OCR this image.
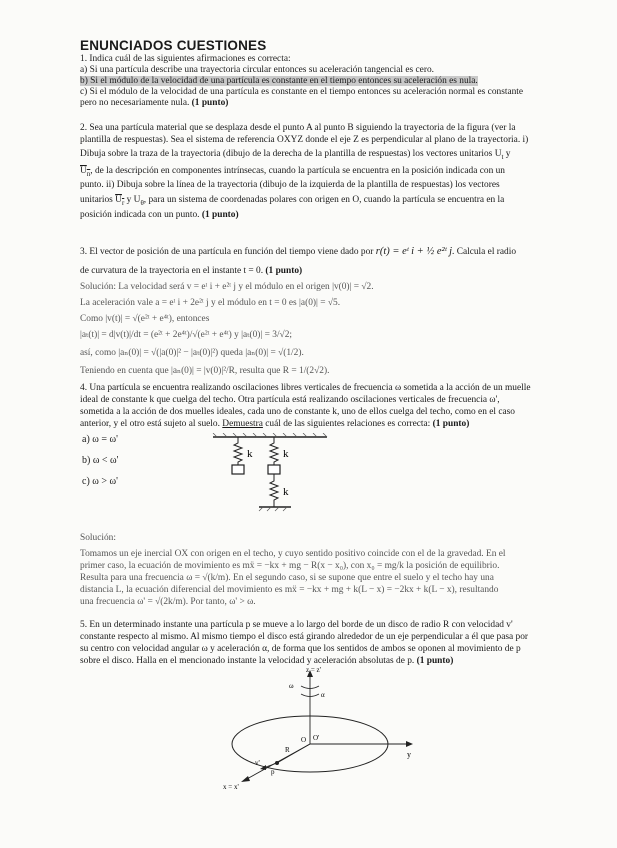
ENUNCIADOS CUESTIONES
1. Indica cuál de las siguientes afirmaciones es correcta:
a) Si una partícula describe una trayectoria circular entonces su aceleración tangencial es cero.
b) Si el módulo de la velocidad de una partícula es constante en el tiempo entonces su aceleración es nula.
c) Si el módulo de la velocidad de una partícula es constante en el tiempo entonces su aceleración normal es constante
pero no necesariamente nula. (1 punto)
2. Sea una partícula material que se desplaza desde el punto A al punto B siguiendo la trayectoria de la figura (ver la
plantilla de respuestas). Sea el sistema de referencia OXYZ donde el eje Z es perpendicular al plano de la trayectoria. i)
Dibuja sobre la traza de la trayectoria (dibujo de la derecha de la plantilla de respuestas) los vectores unitarios $U_t$ y
$U_n$, de la descripción en componentes intrínsecas, cuando la partícula se encuentra en la posición indicada con un
punto. ii) Dibuja sobre la línea de la trayectoria (dibujo de la izquierda de la plantilla de respuestas) los vectores
unitarios $U_r$ y $U_\theta$, para un sistema de coordenadas polares con origen en O, cuando la partícula se encuentra en la
posición indicada con un punto. (1 punto)
3. El vector de posición de una partícula en función del tiempo viene dado por r(t) = eᵗ i + ½ e²ᵗ j. Calcula el radio
de curvatura de la trayectoria en el instante t = 0. (1 punto)
Solución: La velocidad será v = eᵗ i + e²ᵗ j y el módulo en el origen |v(0)| = √2.
La aceleración vale a = eᵗ i + 2e²ᵗ j y el módulo en t = 0 es |a(0)| = √5.
Como |v(t)| = √(e²ᵗ + e⁴ᵗ), entonces
|aₜ(t)| = d|v(t)|/dt = (e²ᵗ + 2e⁴ᵗ)/√(e²ᵗ + e⁴ᵗ) y |aₜ(0)| = 3/√2;
así, como |aₙ(0)| = √(|a(0)|² − |aₜ(0)|²) queda |aₙ(0)| = √(1/2).
Teniendo en cuenta que |aₙ(0)| = |v(0)|²/R, resulta que R = 1/(2√2).
4. Una partícula se encuentra realizando oscilaciones libres verticales de frecuencia ω sometida a la acción de un muelle
ideal de constante k que cuelga del techo. Otra partícula está realizando oscilaciones verticales de frecuencia ω',
sometida a la acción de dos muelles ideales, cada uno de constante k, uno de ellos cuelga del techo, como en el caso
anterior, y el otro está sujeto al suelo. Demuestra cuál de las siguientes relaciones es correcta: (1 punto)
a) ω = ω'
b) ω < ω'
c) ω > ω'
k	k
k
Solución:
Tomamos un eje inercial OX con origen en el techo, y cuyo sentido positivo coincide con el de la gravedad. En el
primer caso, la ecuación de movimiento es mẍ = −kx + mg − R(x − x₀), con x₀ = mg/k la posición de equilibrio.
Resulta para una frecuencia ω = √(k/m). En el segundo caso, si se supone que entre el suelo y el techo hay una
distancia L, la ecuación diferencial del movimiento es mẍ = −kx + mg + k(L − x) = −2kx + k(L − x), resultando
una frecuencia ω' = √(2k/m). Por tanto, ω' > ω.
5. En un determinado instante una partícula p se mueve a lo largo del borde de un disco de radio R con velocidad v'
constante respecto al mismo. Al mismo tiempo el disco está girando alrededor de un eje perpendicular a él que pasa por
su centro con velocidad angular ω y aceleración α, de forma que los sentidos de ambos se oponen al movimiento de p
sobre el disco. Halla en el mencionado instante la velocidad y aceleración absolutas de p. (1 punto)
z = z'
ω
α
y
x = x'
R
p
v'
O O'
